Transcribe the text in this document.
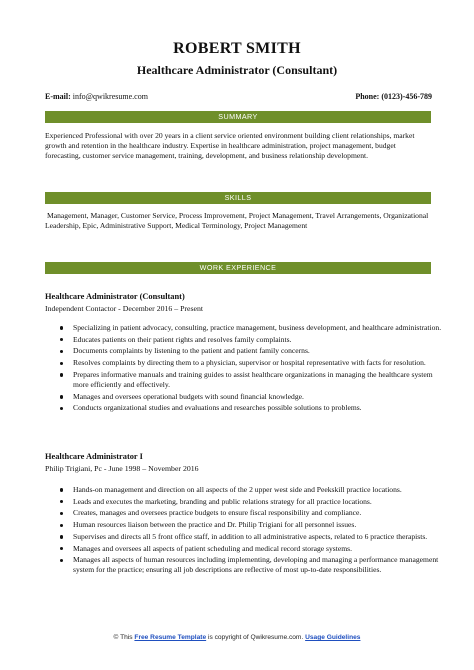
ROBERT SMITH
Healthcare Administrator (Consultant)
E-mail: info@qwikresume.com	Phone: (0123)-456-789
SUMMARY
Experienced Professional with over 20 years in a client service oriented environment building client relationships, market growth and retention in the healthcare industry. Expertise in healthcare administration, project management, budget forecasting, customer service management, training, development, and business relationship development.
SKILLS
Management, Manager, Customer Service, Process Improvement, Project Management, Travel Arrangements, Organizational Leadership, Epic, Administrative Support, Medical Terminology, Project Management
WORK EXPERIENCE
Healthcare Administrator (Consultant)
Independent Contactor - December 2016 – Present
Specializing in patient advocacy, consulting, practice management, business development, and healthcare administration.
Educates patients on their patient rights and resolves family complaints.
Documents complaints by listening to the patient and patient family concerns.
Resolves complaints by directing them to a physician, supervisor or hospital representative with facts for resolution.
Prepares informative manuals and training guides to assist healthcare organizations in managing the healthcare system more efficiently and effectively.
Manages and oversees operational budgets with sound financial knowledge.
Conducts organizational studies and evaluations and researches possible solutions to problems.
Healthcare Administrator I
Philip Trigiani, Pc - June 1998 – November 2016
Hands-on management and direction on all aspects of the 2 upper west side and Peekskill practice locations.
Leads and executes the marketing, branding and public relations strategy for all practice locations.
Creates, manages and oversees practice budgets to ensure fiscal responsibility and compliance.
Human resources liaison between the practice and Dr. Philip Trigiani for all personnel issues.
Supervises and directs all 5 front office staff, in addition to all administrative aspects, related to 6 practice therapists.
Manages and oversees all aspects of patient scheduling and medical record storage systems.
Manages all aspects of human resources including implementing, developing and managing a performance management system for the practice; ensuring all job descriptions are reflective of most up-to-date responsibilities.
© This Free Resume Template is copyright of Qwikresume.com. Usage Guidelines
